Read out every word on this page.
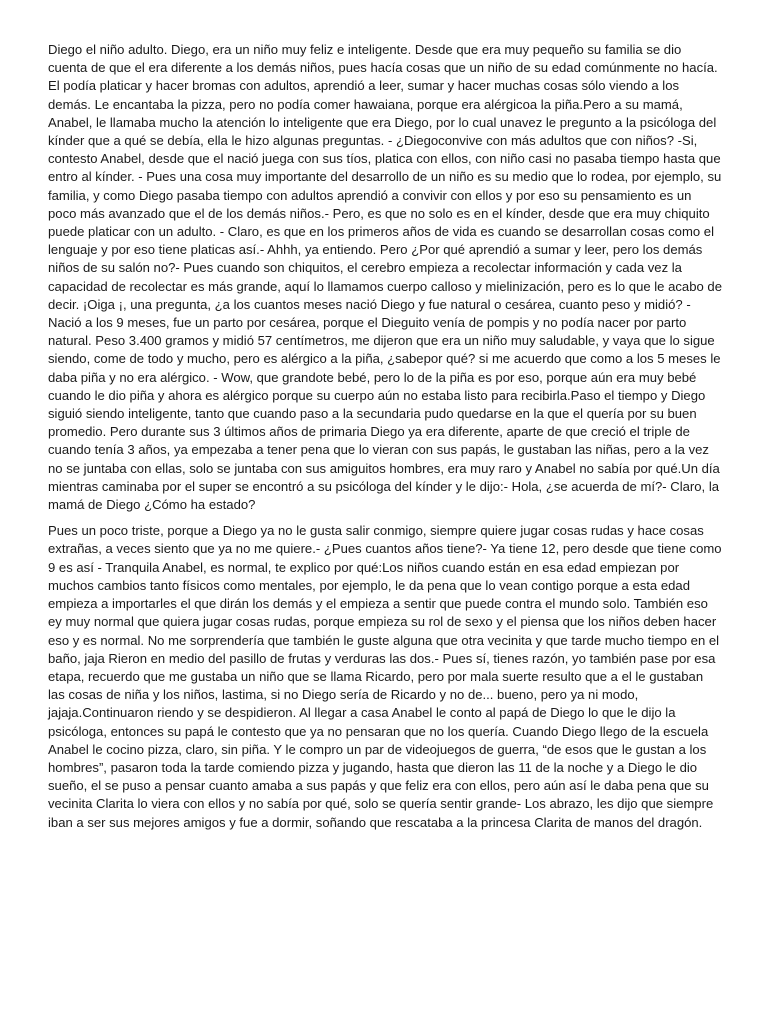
Diego el niño adulto. Diego, era un niño muy feliz e inteligente. Desde que era muy pequeño su familia se dio cuenta de que el era diferente a los demás niños, pues hacía cosas que un niño de su edad comúnmente no hacía. El podía platicar y hacer bromas con adultos, aprendió a leer, sumar y hacer muchas cosas sólo viendo a los demás. Le encantaba la pizza, pero no podía comer hawaiana, porque era alérgicoa la piña.Pero a su mamá, Anabel, le llamaba mucho la atención lo inteligente que era Diego, por lo cual unavez le pregunto a la psicóloga del kínder que a qué se debía, ella le hizo algunas preguntas. - ¿Diegoconvive con más adultos que con niños? -Si, contesto Anabel, desde que el nació juega con sus tíos, platica con ellos, con niño casi no pasaba tiempo hasta que entro al kínder. - Pues una cosa muy importante del desarrollo de un niño es su medio que lo rodea, por ejemplo, su familia, y como Diego pasaba tiempo con adultos aprendió a convivir con ellos y por eso su pensamiento es un poco más avanzado que el de los demás niños.- Pero, es que no solo es en el kínder, desde que era muy chiquito puede platicar con un adulto. - Claro, es que en los primeros años de vida es cuando se desarrollan cosas como el lenguaje y por eso tiene platicas así.- Ahhh, ya entiendo. Pero ¿Por qué aprendió a sumar y leer, pero los demás niños de su salón no?- Pues cuando son chiquitos, el cerebro empieza a recolectar información y cada vez la capacidad de recolectar es más grande, aquí lo llamamos cuerpo calloso y mielinización, pero es lo que le acabo de decir. ¡Oiga ¡, una pregunta, ¿a los cuantos meses nació Diego y fue natural o cesárea, cuanto peso y midió? - Nació a los 9 meses, fue un parto por cesárea, porque el Dieguito venía de pompis y no podía nacer por parto natural. Peso 3.400 gramos y midió 57 centímetros, me dijeron que era un niño muy saludable, y vaya que lo sigue siendo, come de todo y mucho, pero es alérgico a la piña, ¿sabepor qué? si me acuerdo que como a los 5 meses le daba piña y no era alérgico. - Wow, que grandote bebé, pero lo de la piña es por eso, porque aún era muy bebé cuando le dio piña y ahora es alérgico porque su cuerpo aún no estaba listo para recibirla.Paso el tiempo y Diego siguió siendo inteligente, tanto que cuando paso a la secundaria pudo quedarse en la que el quería por su buen promedio. Pero durante sus 3 últimos años de primaria Diego ya era diferente, aparte de que creció el triple de cuando tenía 3 años, ya empezaba a tener pena que lo vieran con sus papás, le gustaban las niñas, pero a la vez no se juntaba con ellas, solo se juntaba con sus amiguitos hombres, era muy raro y Anabel no sabía por qué.Un día mientras caminaba por el super se encontró a su psicóloga del kínder y le dijo:- Hola, ¿se acuerda de mí?- Claro, la mamá de Diego ¿Cómo ha estado?

Pues un poco triste, porque a Diego ya no le gusta salir conmigo, siempre quiere jugar cosas rudas y hace cosas extrañas, a veces siento que ya no me quiere.- ¿Pues cuantos años tiene?- Ya tiene 12, pero desde que tiene como 9 es así - Tranquila Anabel, es normal, te explico por qué:Los niños cuando están en esa edad empiezan por muchos cambios tanto físicos como mentales, por ejemplo, le da pena que lo vean contigo porque a esta edad empieza a importarles el que dirán los demás y el empieza a sentir que puede contra el mundo solo. También eso ey muy normal que quiera jugar cosas rudas, porque empieza su rol de sexo y el piensa que los niños deben hacer eso y es normal. No me sorprendería que también le guste alguna que otra vecinita y que tarde mucho tiempo en el baño, jaja Rieron en medio del pasillo de frutas y verduras las dos.- Pues sí, tienes razón, yo también pase por esa etapa, recuerdo que me gustaba un niño que se llama Ricardo, pero por mala suerte resulto que a el le gustaban las cosas de niña y los niños, lastima, si no Diego sería de Ricardo y no de... bueno, pero ya ni modo, jajaja.Continuaron riendo y se despidieron. Al llegar a casa Anabel le conto al papá de Diego lo que le dijo la psicóloga, entonces su papá le contesto que ya no pensaran que no los quería. Cuando Diego llego de la escuela Anabel le cocino pizza, claro, sin piña. Y le compro un par de videojuegos de guerra, “de esos que le gustan a los hombres”, pasaron toda la tarde comiendo pizza y jugando, hasta que dieron las 11 de la noche y a Diego le dio sueño, el se puso a pensar cuanto amaba a sus papás y que feliz era con ellos, pero aún así le daba pena que su vecinita Clarita lo viera con ellos y no sabía por qué, solo se quería sentir grande- Los abrazo, les dijo que siempre iban a ser sus mejores amigos y fue a dormir, soñando que rescataba a la princesa Clarita de manos del dragón.
